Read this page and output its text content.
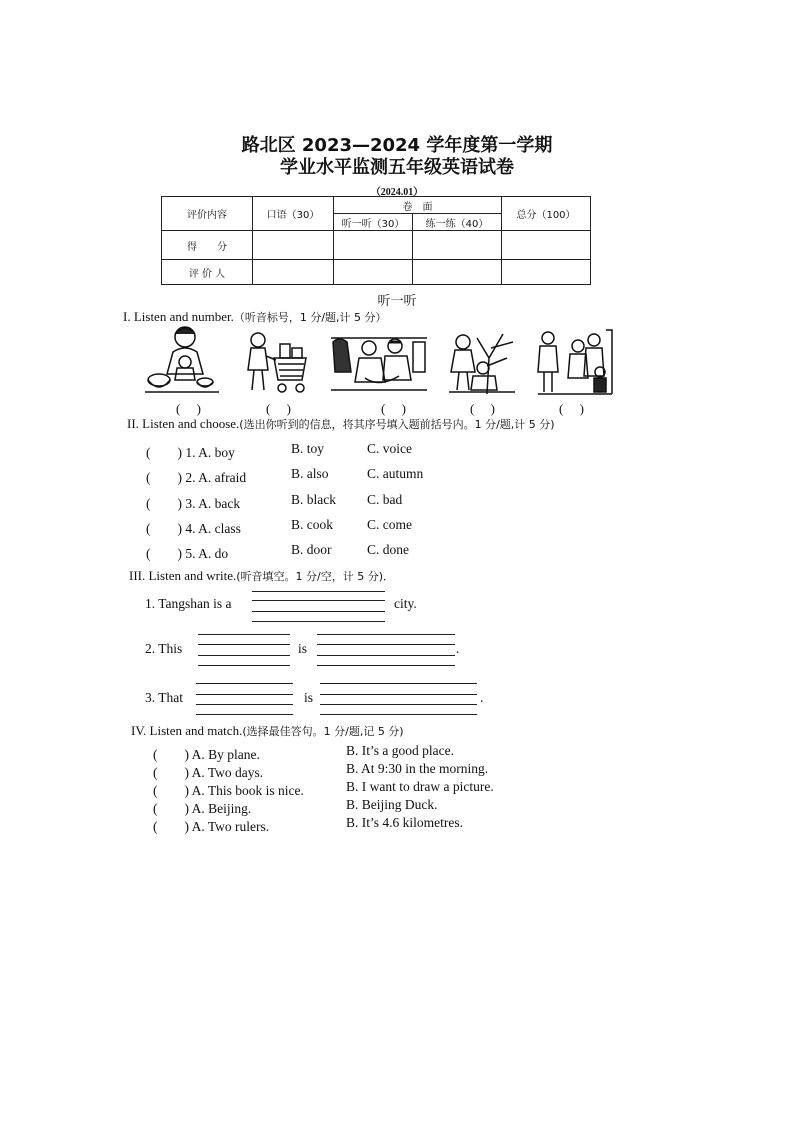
路北区 2023—2024 学年度第一学期
学业水平监测五年级英语试卷
（2024.01）
评价内容	口语（30）	卷　面		总分（100）
		听一听（30）	练一练（40）	
得　　分				
评 价 人				
听一听
I. Listen and number.（听音标号，1 分/题,计 5 分）
(　 )	(　 )	(　 )	(　 )	(　 )
II. Listen and choose.(选出你听到的信息，将其序号填入题前括号内。1 分/题,计 5 分)
(　　) 1. A. boy	B. toy	C. voice
(　　) 2. A. afraid	B. also	C. autumn
(　　) 3. A. back	B. black C. bad
(　　) 4. A. class	B. cook	C. come
(　　) 5. A. do	B. door	C. done
III. Listen and write.(听音填空。1 分/空，计 5 分)．
1. Tangshan is a	city.
2. This	is	.
3. That	is	.
IV. Listen and match.(选择最佳答句。1 分/题,记 5 分)
(　　) A. By plane.	B. It’s a good place.
(　　) A. Two days.	B. At 9:30 in the morning.
(　　) A. This book is nice.	B. I want to draw a picture.
(　　) A. Beijing.	B. Beijing Duck.
(　　) A. Two rulers.	B. It’s 4.6 kilometres.
